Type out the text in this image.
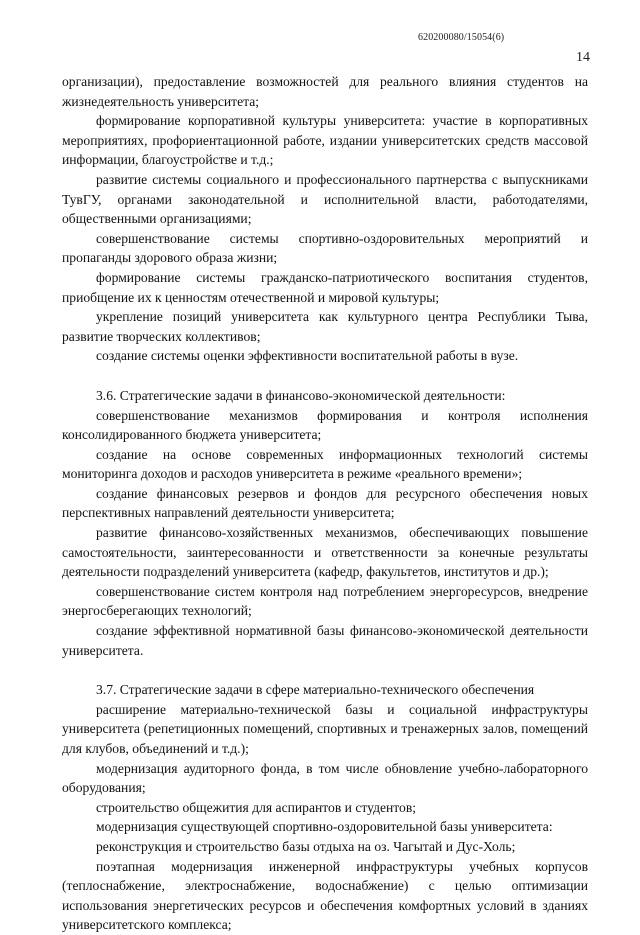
620200080/15054(6)
14

организации), предоставление возможностей для реального влияния студентов на жизнедеятельность университета;

формирование корпоративной культуры университета: участие в корпоративных мероприятиях, профориентационной работе, издании университетских средств массовой информации, благоустройстве и т.д.;

развитие системы социального и профессионального партнерства с выпускниками ТувГУ, органами законодательной и исполнительной власти, работодателями, общественными организациями;

совершенствование системы спортивно-оздоровительных мероприятий и пропаганды здорового образа жизни;

формирование системы гражданско-патриотического воспитания студентов, приобщение их к ценностям отечественной и мировой культуры;

укрепление позиций университета как культурного центра Республики Тыва, развитие творческих коллективов;

создание системы оценки эффективности воспитательной работы в вузе.

3.6. Стратегические задачи в финансово-экономической деятельности:

совершенствование механизмов формирования и контроля исполнения консолидированного бюджета университета;

создание на основе современных информационных технологий системы мониторинга доходов и расходов университета в режиме «реального времени»;

создание финансовых резервов и фондов для ресурсного обеспечения новых перспективных направлений деятельности университета;

развитие финансово-хозяйственных механизмов, обеспечивающих повышение самостоятельности, заинтересованности и ответственности за конечные результаты деятельности подразделений университета (кафедр, факультетов, институтов и др.);

совершенствование систем контроля над потреблением энергоресурсов, внедрение энергосберегающих технологий;

создание эффективной нормативной базы финансово-экономической деятельности университета.

3.7. Стратегические задачи в сфере материально-технического обеспечения

расширение материально-технической базы и социальной инфраструктуры университета (репетиционных помещений, спортивных и тренажерных залов, помещений для клубов, объединений и т.д.);

модернизация аудиторного фонда, в том числе обновление учебно-лабораторного оборудования;

строительство общежития для аспирантов и студентов;

модернизация существующей спортивно-оздоровительной базы университета:

реконструкция и строительство базы отдыха на оз. Чагытай и Дус-Холь;

поэтапная модернизация инженерной инфраструктуры учебных корпусов (теплоснабжение, электроснабжение, водоснабжение) с целью оптимизации использования энергетических ресурсов и обеспечения комфортных условий в зданиях университетского комплекса;
